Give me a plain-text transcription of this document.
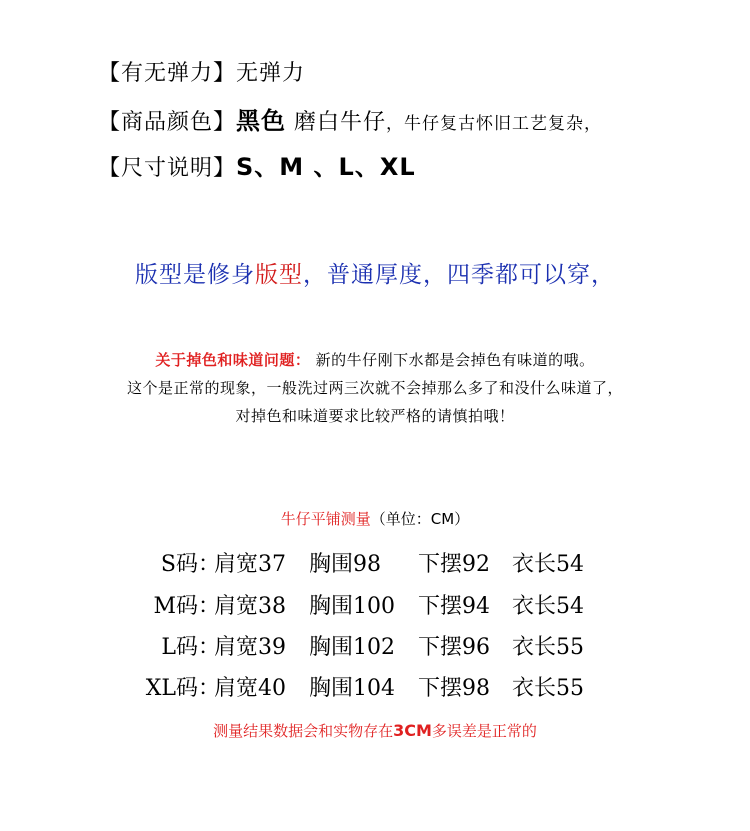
【有无弹力】无弹力
【商品颜色】黑色 磨白牛仔，牛仔复古怀旧工艺复杂，
【尺寸说明】S、M 、L、XL
版型是修身版型，普通厚度，四季都可以穿，
关于掉色和味道问题： 新的牛仔刚下水都是会掉色有味道的哦。
这个是正常的现象，一般洗过两三次就不会掉那么多了和没什么味道了，
对掉色和味道要求比较严格的请慎拍哦！
牛仔平铺测量（单位：CM）
S码：
肩宽37 胸围98 下摆92 衣长54
M码：
肩宽38 胸围100 下摆94 衣长54
L码：
肩宽39 胸围102 下摆96 衣长55
XL码：
肩宽40 胸围104 下摆98 衣长55
测量结果数据会和实物存在3CM多误差是正常的
